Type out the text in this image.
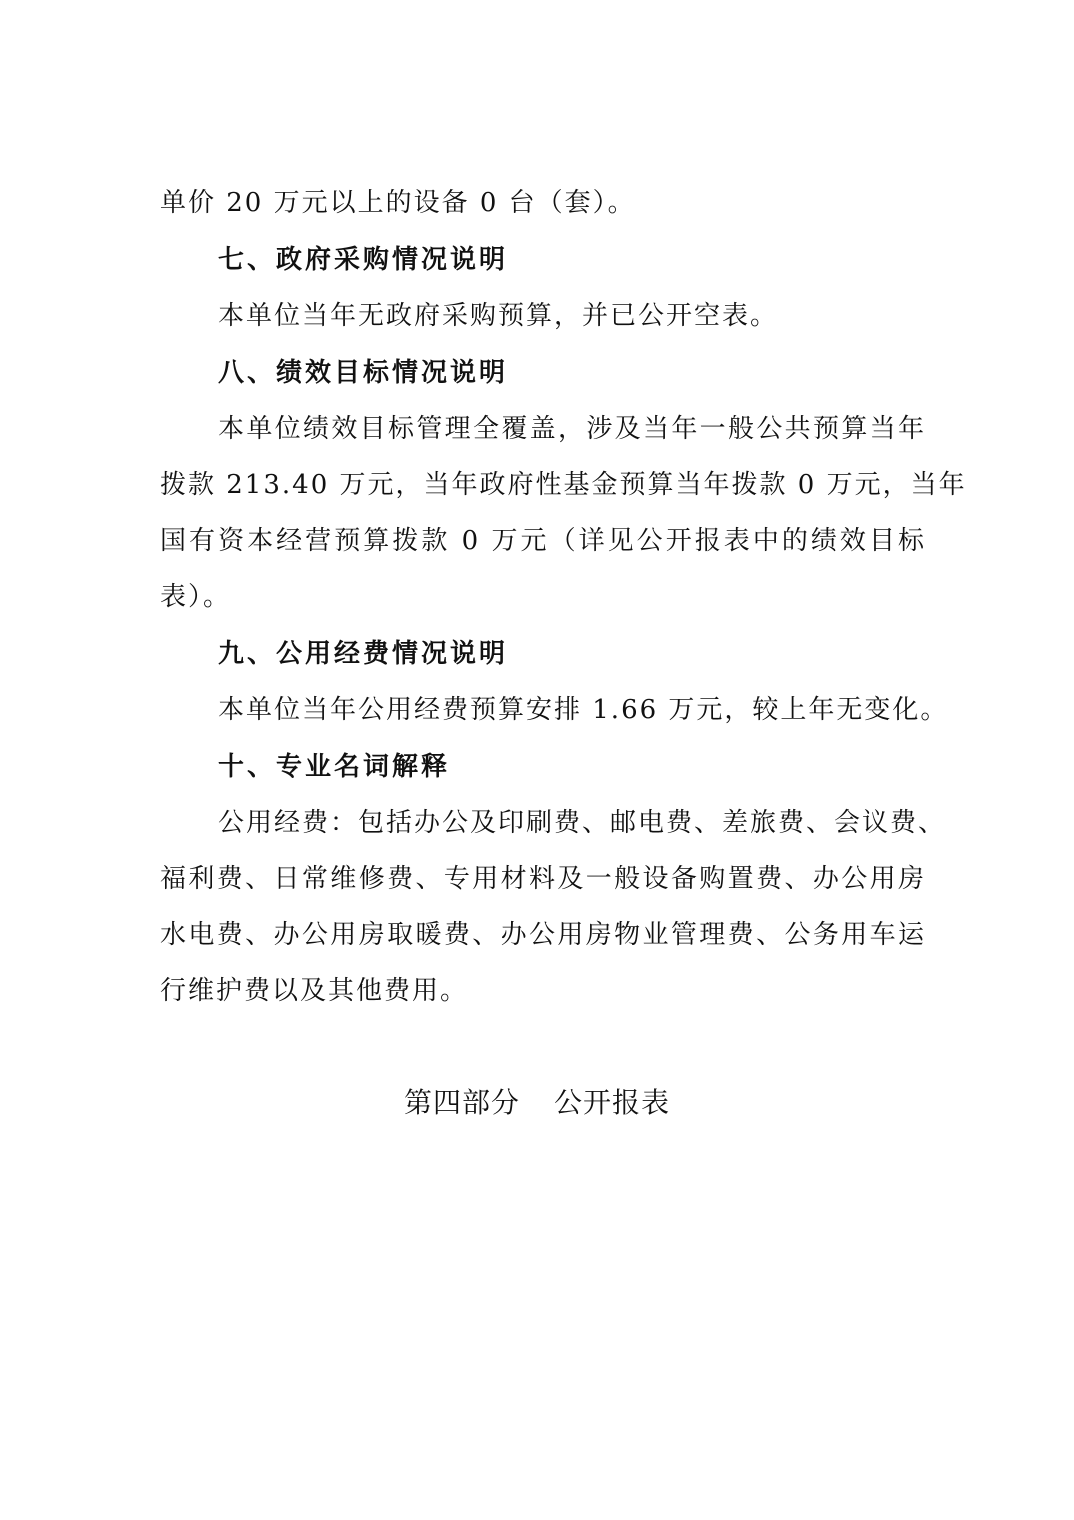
单价 20 万元以上的设备 0 台（套）。
七、政府采购情况说明
本单位当年无政府采购预算，并已公开空表。
八、绩效目标情况说明
本单位绩效目标管理全覆盖，涉及当年一般公共预算当年
拨款 213.40 万元，当年政府性基金预算当年拨款 0 万元，当年
国有资本经营预算拨款 0 万元（详见公开报表中的绩效目标
表）。
九、公用经费情况说明
本单位当年公用经费预算安排 1.66 万元，较上年无变化。
十、专业名词解释
公用经费：包括办公及印刷费、邮电费、差旅费、会议费、
福利费、日常维修费、专用材料及一般设备购置费、办公用房
水电费、办公用房取暖费、办公用房物业管理费、公务用车运
行维护费以及其他费用。
第四部分 公开报表
